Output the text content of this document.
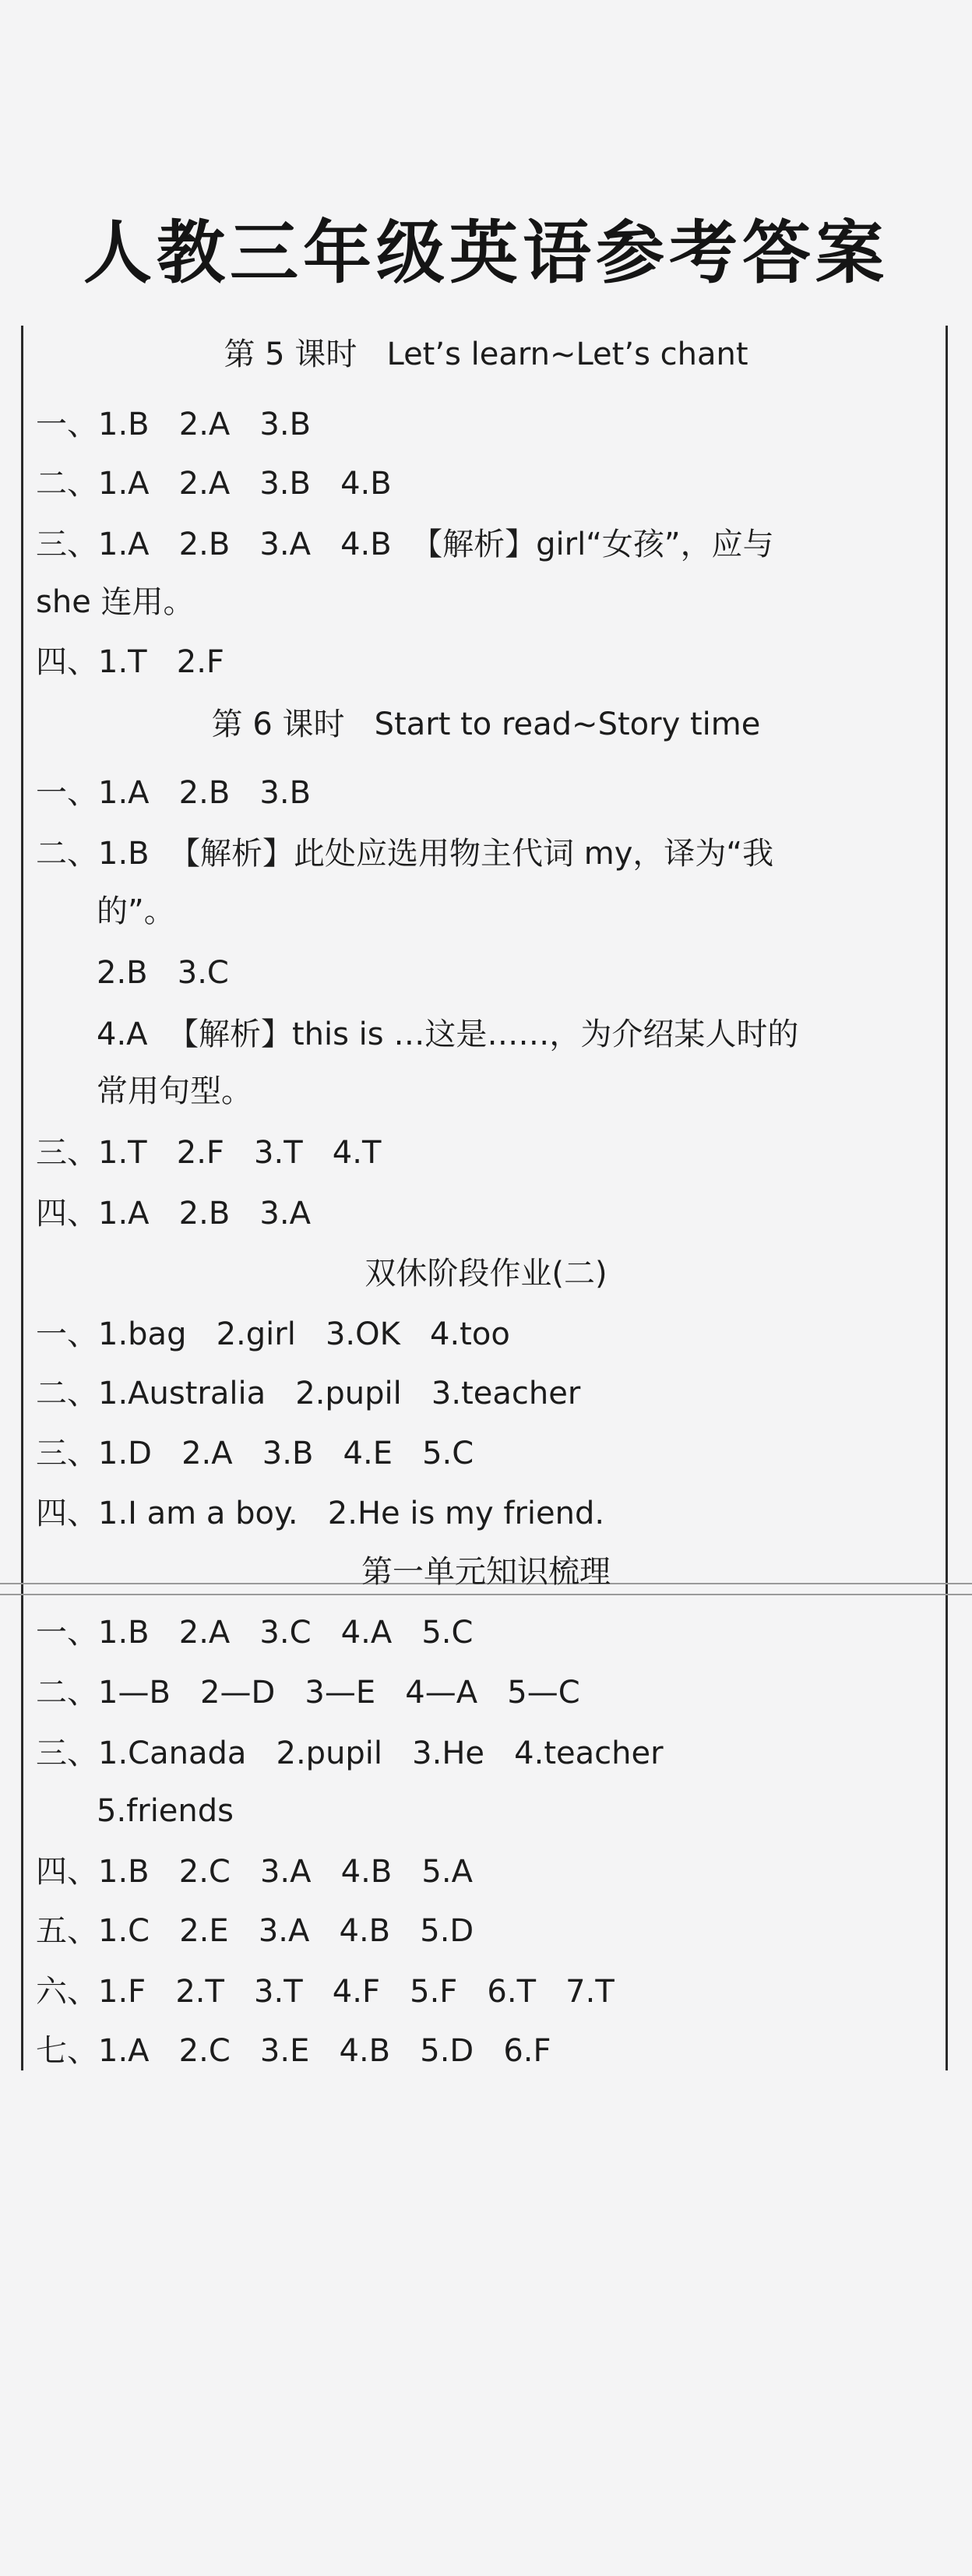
人教三年级英语参考答案
第 5 课时   Let’s learn~Let’s chant
一、1.B   2.A   3.B
二、1.A   2.A   3.B   4.B
三、1.A   2.B   3.A   4.B  【解析】girl“女孩”，应与
she 连用。
四、1.T   2.F
第 6 课时   Start to read~Story time
一、1.A   2.B   3.B
二、1.B  【解析】此处应选用物主代词 my，译为“我
的”。
2.B   3.C
4.A  【解析】this is …这是……，为介绍某人时的
常用句型。
三、1.T   2.F   3.T   4.T
四、1.A   2.B   3.A
双休阶段作业(二)
一、1.bag   2.girl   3.OK   4.too
二、1.Australia   2.pupil   3.teacher
三、1.D   2.A   3.B   4.E   5.C
四、1.I am a boy.   2.He is my friend.
第一单元知识梳理
一、1.B   2.A   3.C   4.A   5.C
二、1—B   2—D   3—E   4—A   5—C
三、1.Canada   2.pupil   3.He   4.teacher
5.friends
四、1.B   2.C   3.A   4.B   5.A
五、1.C   2.E   3.A   4.B   5.D
六、1.F   2.T   3.T   4.F   5.F   6.T   7.T
七、1.A   2.C   3.E   4.B   5.D   6.F
